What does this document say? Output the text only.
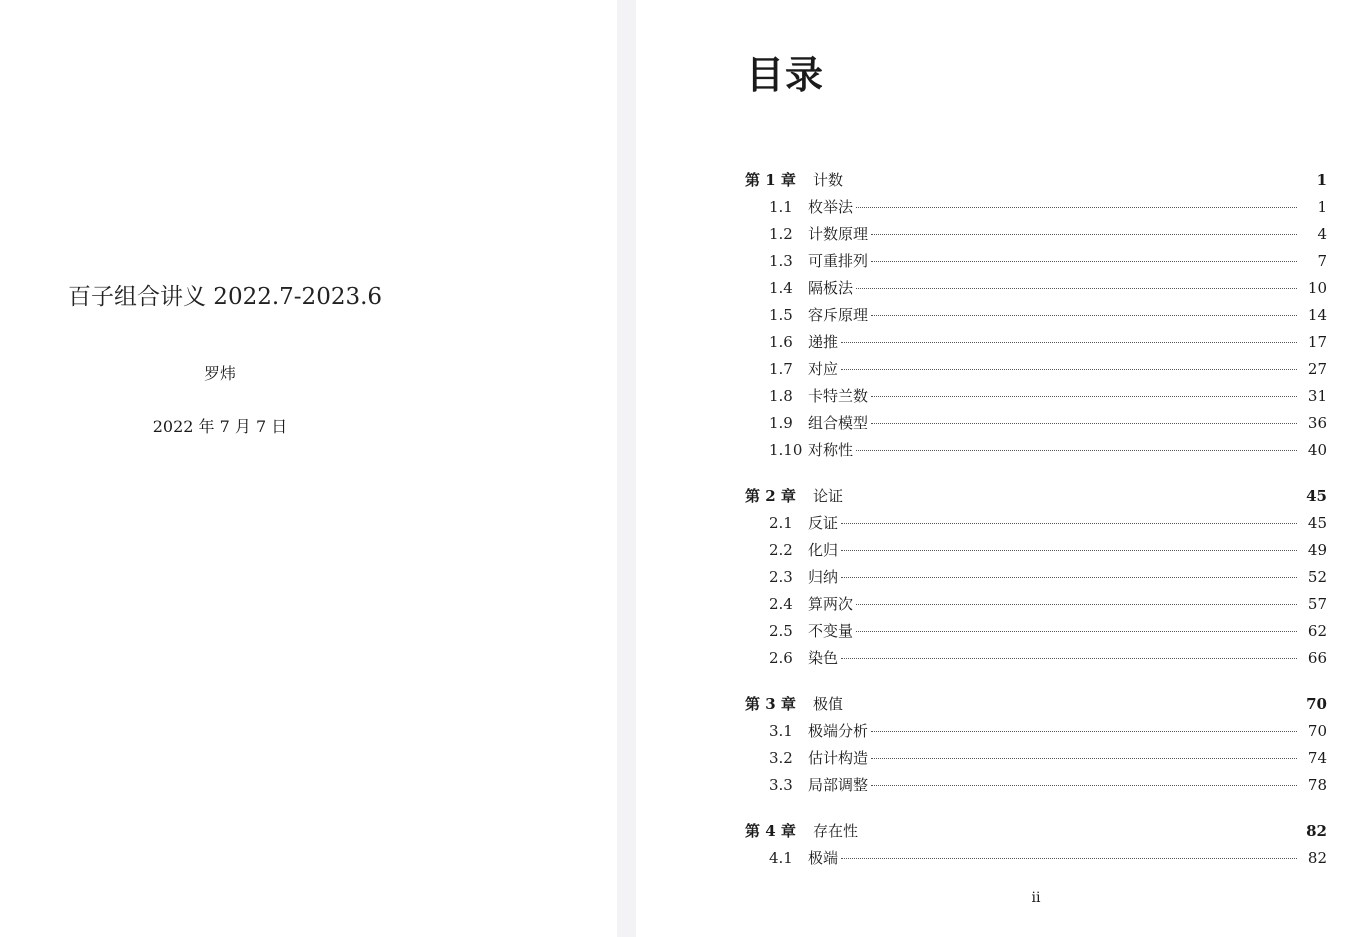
百子组合讲义 2022.7-2023.6
罗炜
2022 年 7 月 7 日
目录
第 1 章	计数	1
1.1	枚举法	1
1.2	计数原理	4
1.3	可重排列	7
1.4	隔板法	10
1.5	容斥原理	14
1.6	递推	17
1.7	对应	27
1.8	卡特兰数	31
1.9	组合模型	36
1.10 对称性	40
第 2 章	论证	45
2.1	反证	45
2.2	化归	49
2.3	归纳	52
2.4	算两次	57
2.5	不变量	62
2.6	染色	66
第 3 章	极值	70
3.1	极端分析	70
3.2	估计构造	74
3.3	局部调整	78
第 4 章	存在性	82
4.1	极端	82
ii
